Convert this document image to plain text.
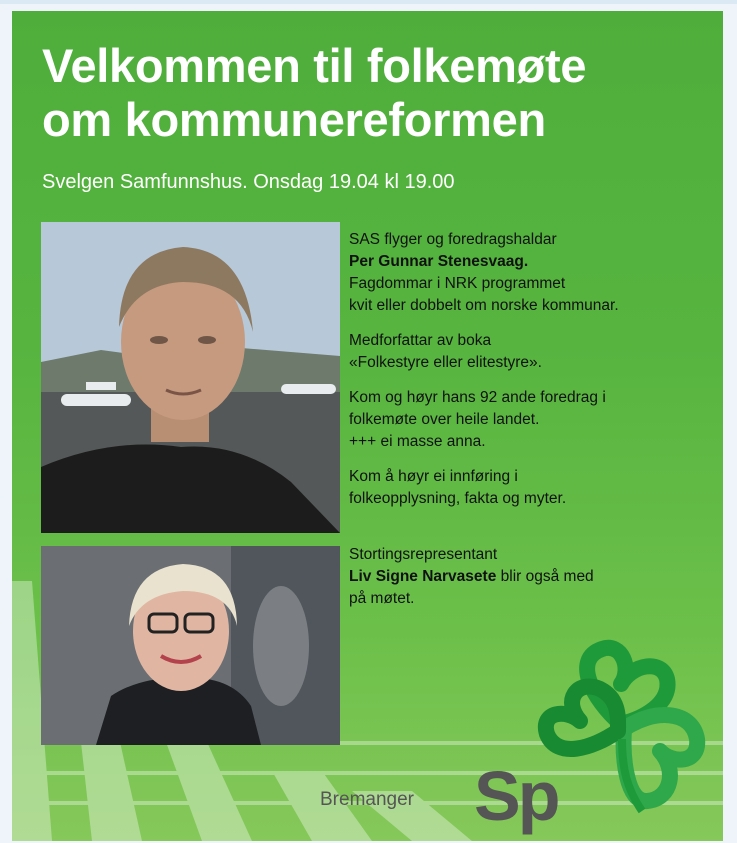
Velkommen til folkemøte
om kommunereformen
Svelgen Samfunnshus. Onsdag 19.04 kl 19.00

SAS flyger og foredragshaldar
Per Gunnar Stenesvaag.
Fagdommar i NRK programmet
kvit eller dobbelt om norske kommunar.

Medforfattar av boka
«Folkestyre eller elitestyre».

Kom og høyr hans 92 ande foredrag i
folkemøte over heile landet.
+++ ei masse anna.

Kom å høyr ei innføring i
folkeopplysning, fakta og myter.

Stortingsrepresentant
Liv Signe Narvasete blir også med
på møtet.

Sp
Bremanger
